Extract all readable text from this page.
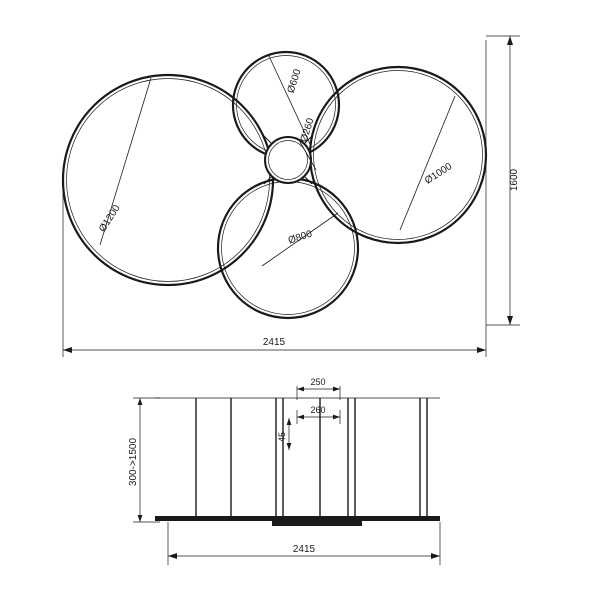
Ø1200
Ø1000
Ø800
Ø600
Ø260
2415
1600
250
260
45
300->1500
2415
